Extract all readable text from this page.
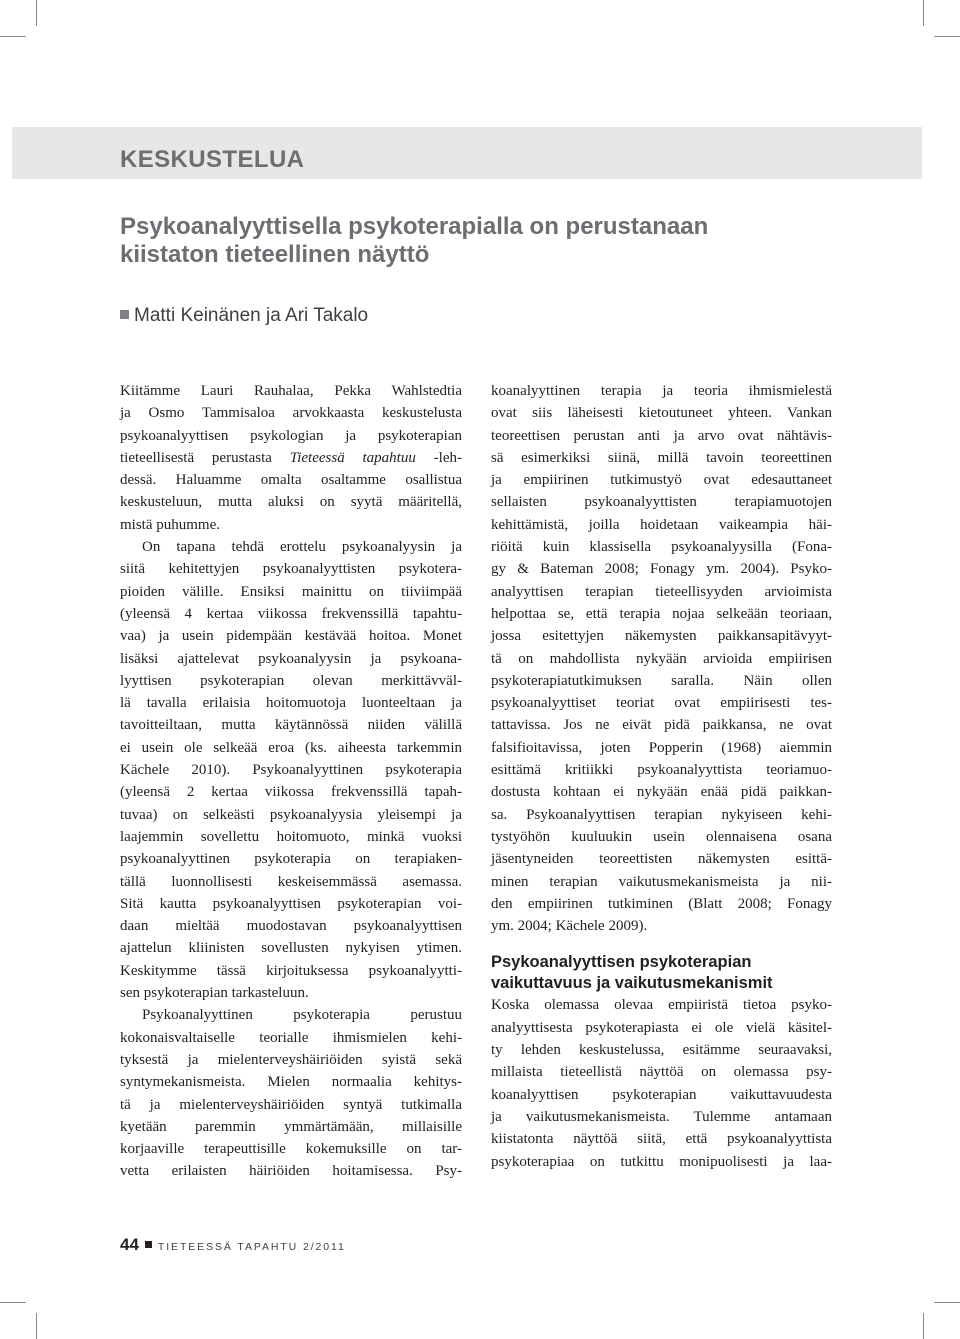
KESKUSTELUA
Psykoanalyyttisella psykoterapialla on perustanaan
kiistaton tieteellinen näyttö
Matti Keinänen ja Ari Takalo
Kiitämme Lauri Rauhalaa, Pekka Wahlstedtia
ja Osmo Tammisaloa arvokkaasta keskustelusta
psykoanalyyttisen psykologian ja psykoterapian
tieteellisestä perustasta Tieteessä tapahtuu -leh-
dessä. Haluamme omalta osaltamme osallistua
keskusteluun, mutta aluksi on syytä määritellä,
mistä puhumme.
On tapana tehdä erottelu psykoanalyysin ja
siitä kehitettyjen psykoanalyyttisten psykotera-
pioiden välille. Ensiksi mainittu on tiiviimpää
(yleensä 4 kertaa viikossa frekvenssillä tapahtu-
vaa) ja usein pidempään kestävää hoitoa. Monet
lisäksi ajattelevat psykoanalyysin ja psykoana-
lyyttisen psykoterapian olevan merkittävväl-
lä tavalla erilaisia hoitomuotoja luonteeltaan ja
tavoitteiltaan, mutta käytännössä niiden välillä
ei usein ole selkeää eroa (ks. aiheesta tarkemmin
Kächele 2010). Psykoanalyyttinen psykoterapia
(yleensä 2 kertaa viikossa frekvenssillä tapah-
tuvaa) on selkeästi psykoanalyysia yleisempi ja
laajemmin sovellettu hoitomuoto, minkä vuoksi
psykoanalyyttinen psykoterapia on terapiaken-
tällä luonnollisesti keskeisemmässä asemassa.
Sitä kautta psykoanalyyttisen psykoterapian voi-
daan mieltää muodostavan psykoanalyyttisen
ajattelun kliinisten sovellusten nykyisen ytimen.
Keskitymme tässä kirjoituksessa psykoanalyytti-
sen psykoterapian tarkasteluun.
Psykoanalyyttinen psykoterapia perustuu
kokonaisvaltaiselle teorialle ihmismielen kehi-
tyksestä ja mielenterveyshäiriöiden syistä sekä
syntymekanismeista. Mielen normaalia kehitys-
tä ja mielenterveyshäiriöiden syntyä tutkimalla
kyetään paremmin ymmärtämään, millaisille
korjaaville terapeuttisille kokemuksille on tar-
vetta erilaisten häiriöiden hoitamisessa. Psy-
koanalyyttinen terapia ja teoria ihmismielestä
ovat siis läheisesti kietoutuneet yhteen. Vankan
teoreettisen perustan anti ja arvo ovat nähtävis-
sä esimerkiksi siinä, millä tavoin teoreettinen
ja empiirinen tutkimustyö ovat edesauttaneet
sellaisten psykoanalyyttisten terapiamuotojen
kehittämistä, joilla hoidetaan vaikeampia häi-
riöitä kuin klassisella psykoanalyysilla (Fona-
gy & Bateman 2008; Fonagy ym. 2004). Psyko-
analyyttisen terapian tieteellisyyden arvioimista
helpottaa se, että terapia nojaa selkeään teoriaan,
jossa esitettyjen näkemysten paikkansapitävyyt-
tä on mahdollista nykyään arvioida empiirisen
psykoterapiatutkimuksen saralla. Näin ollen
psykoanalyyttiset teoriat ovat empiirisesti tes-
tattavissa. Jos ne eivät pidä paikkansa, ne ovat
falsifioitavissa, joten Popperin (1968) aiemmin
esittämä kritiikki psykoanalyyttista teoriamuo-
dostusta kohtaan ei nykyään enää pidä paikkan-
sa. Psykoanalyyttisen terapian nykyiseen kehi-
tystyöhön kuuluukin usein olennaisena osana
jäsentyneiden teoreettisten näkemysten esittä-
minen terapian vaikutusmekanismeista ja nii-
den empiirinen tutkiminen (Blatt 2008; Fonagy
ym. 2004; Kächele 2009).
Psykoanalyyttisen psykoterapian
vaikuttavuus ja vaikutusmekanismit
Koska olemassa olevaa empiiristä tietoa psyko-
analyyttisesta psykoterapiasta ei ole vielä käsitel-
ty lehden keskustelussa, esitämme seuraavaksi,
millaista tieteellistä näyttöä on olemassa psy-
koanalyyttisen psykoterapian vaikuttavuudesta
ja vaikutusmekanismeista. Tulemme antamaan
kiistatonta näyttöä siitä, että psykoanalyyttista
psykoterapiaa on tutkittu monipuolisesti ja laa-
44 TIETEESSÄ TAPAHTU 2/2011
